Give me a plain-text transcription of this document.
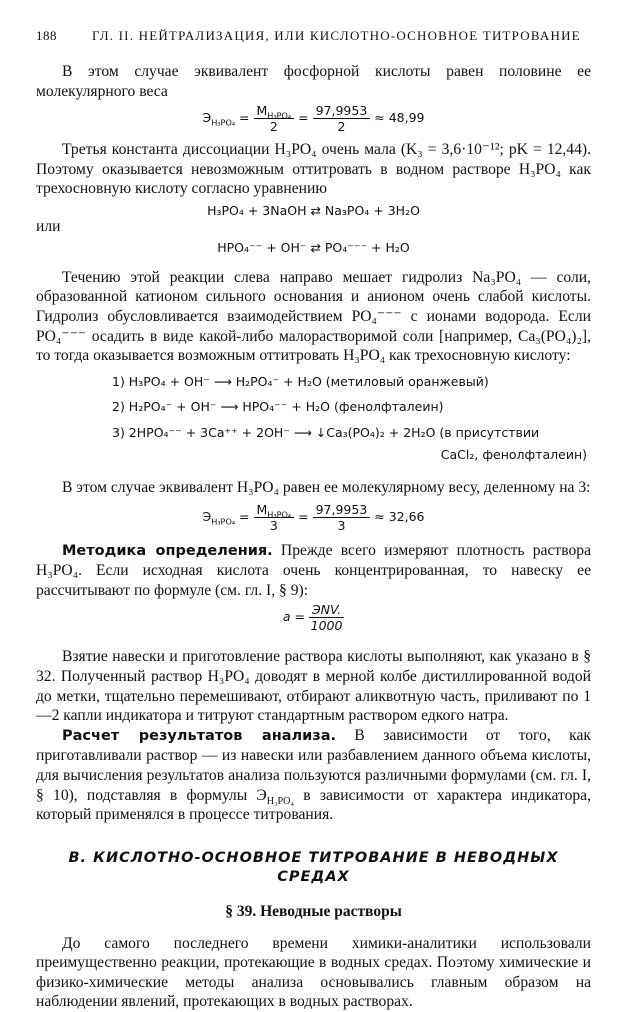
188	ГЛ. II. НЕЙТРАЛИЗАЦИЯ, ИЛИ КИСЛОТНО-ОСНОВНОЕ ТИТРОВАНИЕ

В этом случае эквивалент фосфорной кислоты равен половине ее молекулярного веса

$Э_{H_3PO_4} = \frac{M_{H_3PO_4}}{2} = \frac{97,9953}{2} \approx 48,99$

Третья константа диссоциации H₃PO₄ очень мала (K₃ = 3,6·10⁻¹²; pK = 12,44). Поэтому оказывается невозможным оттитровать в водном растворе H₃PO₄ как трехосновную кислоту согласно уравнению

H₃PO₄ + 3NaOH ⇄ Na₃PO₄ + 3H₂O

или

HPO₄⁻⁻ + OH⁻ ⇄ PO₄⁻⁻⁻ + H₂O

Течению этой реакции слева направо мешает гидролиз Na₃PO₄ — соли, образованной катионом сильного основания и анионом очень слабой кислоты. Гидролиз обусловливается взаимодействием PO₄⁻⁻⁻ с ионами водорода. Если PO₄⁻⁻⁻ осадить в виде какой-либо малорастворимой соли [например, Ca₃(PO₄)₂], то тогда оказывается возможным оттитровать H₃PO₄ как трехосновную кислоту:

1) H₃PO₄ + OH⁻ ⟶ H₂PO₄⁻ + H₂O (метиловый оранжевый)
2) H₂PO₄⁻ + OH⁻ ⟶ HPO₄⁻⁻ + H₂O (фенолфталеин)
3) 2HPO₄⁻⁻ + 3Ca⁺⁺ + 2OH⁻ ⟶ ↓Ca₃(PO₄)₂ + 2H₂O (в присутствии
CaCl₂, фенолфталеин)

В этом случае эквивалент H₃PO₄ равен ее молекулярному весу, деленному на 3:

$Э_{H_3PO_4} = \frac{M_{H_3PO_4}}{3} = \frac{97,9953}{3} \approx 32,66$

Методика определения. Прежде всего измеряют плотность раствора H₃PO₄. Если исходная кислота очень концентрированная, то навеску ее рассчитывают по формуле (см. гл. I, § 9):

a = ЭNV.
1000

Взятие навески и приготовление раствора кислоты выполняют, как указано в § 32. Полученный раствор H₃PO₄ доводят в мерной колбе дистиллированной водой до метки, тщательно перемешивают, отбирают аликвотную часть, приливают по 1—2 капли индикатора и титруют стандартным раствором едкого натра.

Расчет результатов анализа. В зависимости от того, как приготавливали раствор — из навески или разбавлением данного объема кислоты, для вычисления результатов анализа пользуются различными формулами (см. гл. I, § 10), подставляя в формулы $Э_{H_3PO_4}$ в зависимости от характера индикатора, который применялся в процессе титрования.

В. КИСЛОТНО-ОСНОВНОЕ ТИТРОВАНИЕ В НЕВОДНЫХ СРЕДАХ
§ 39. Неводные растворы

До самого последнего времени химики-аналитики использовали преимущественно реакции, протекающие в водных средах. Поэтому химические и физико-химические методы анализа основывались главным образом на наблюдении явлений, протекающих в водных растворах.
